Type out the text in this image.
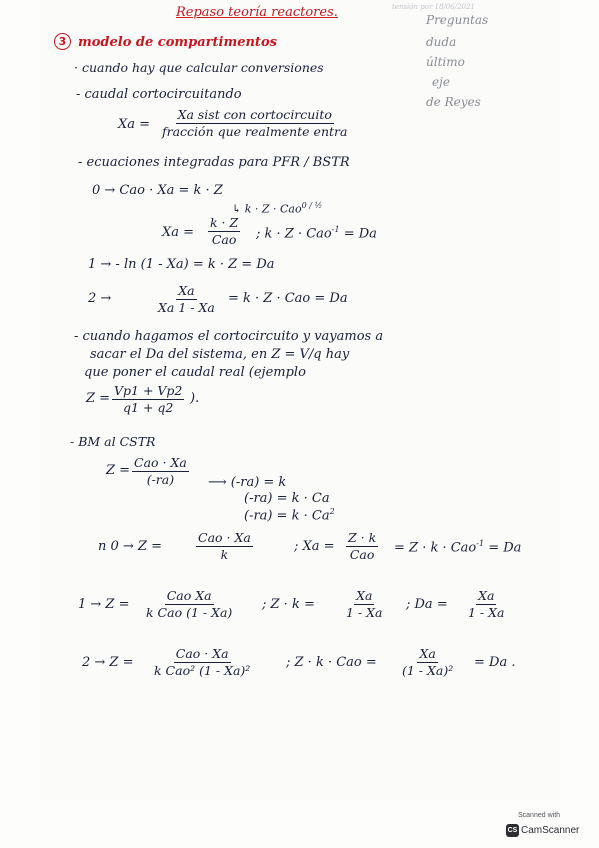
Repaso teoría reactores.	tensión por 18/06/2021
Preguntas
duda
último
eje
de Reyes
3 modelo de compartimentos
· cuando hay que calcular conversiones
- caudal cortocircuitando
Xa =
Xa sist con cortocircuito
fracción que realmente entra
- ecuaciones integradas para PFR / BSTR
0 → Cao · Xa = k · Z
↳ k · Z · Cao$^{0 / \frac{1}{2}}$
Xa =
k · Z
Cao ; k · Z · Cao$^{-1}$ = Da
1 → - ln (1 - Xa) = k · Z = Da
2 →	$\frac{Xa}{Xa 1 - Xa} = k \cdot Z$ · Cao = Da
- cuando hagamos el cortocircuito y vayamos a
sacar el Da del sistema, en Z = V/q hay
que poner el caudal real (ejemplo
$Z = \frac{Vp1 + Vp2}{q1 + q2}$ ).
- BM al CSTR
Z =
Cao · Xa
(-ra)	⟶ (-ra) = k
(-ra) = k · Ca
$(-ra) = k \cdot Ca^2$
n 0 → Z =
Cao · Xa
k
; Xa =
Z · k
Cao = Z · k · Cao$^{-1}$ = Da
1 → Z =
Cao Xa
k Cao (1 - Xa)
; $Z \cdot k = \frac{Xa}{1 - Xa}$ ; $Da = \frac{Xa}{1 - Xa}$
2 → Z =
Cao · Xa
k Cao² (1 - Xa)²
; Z · k · Cao = $\frac{Xa}{\text{(1 - Xa)²}} = Da$ .
Scanned with
CS CamScanner
